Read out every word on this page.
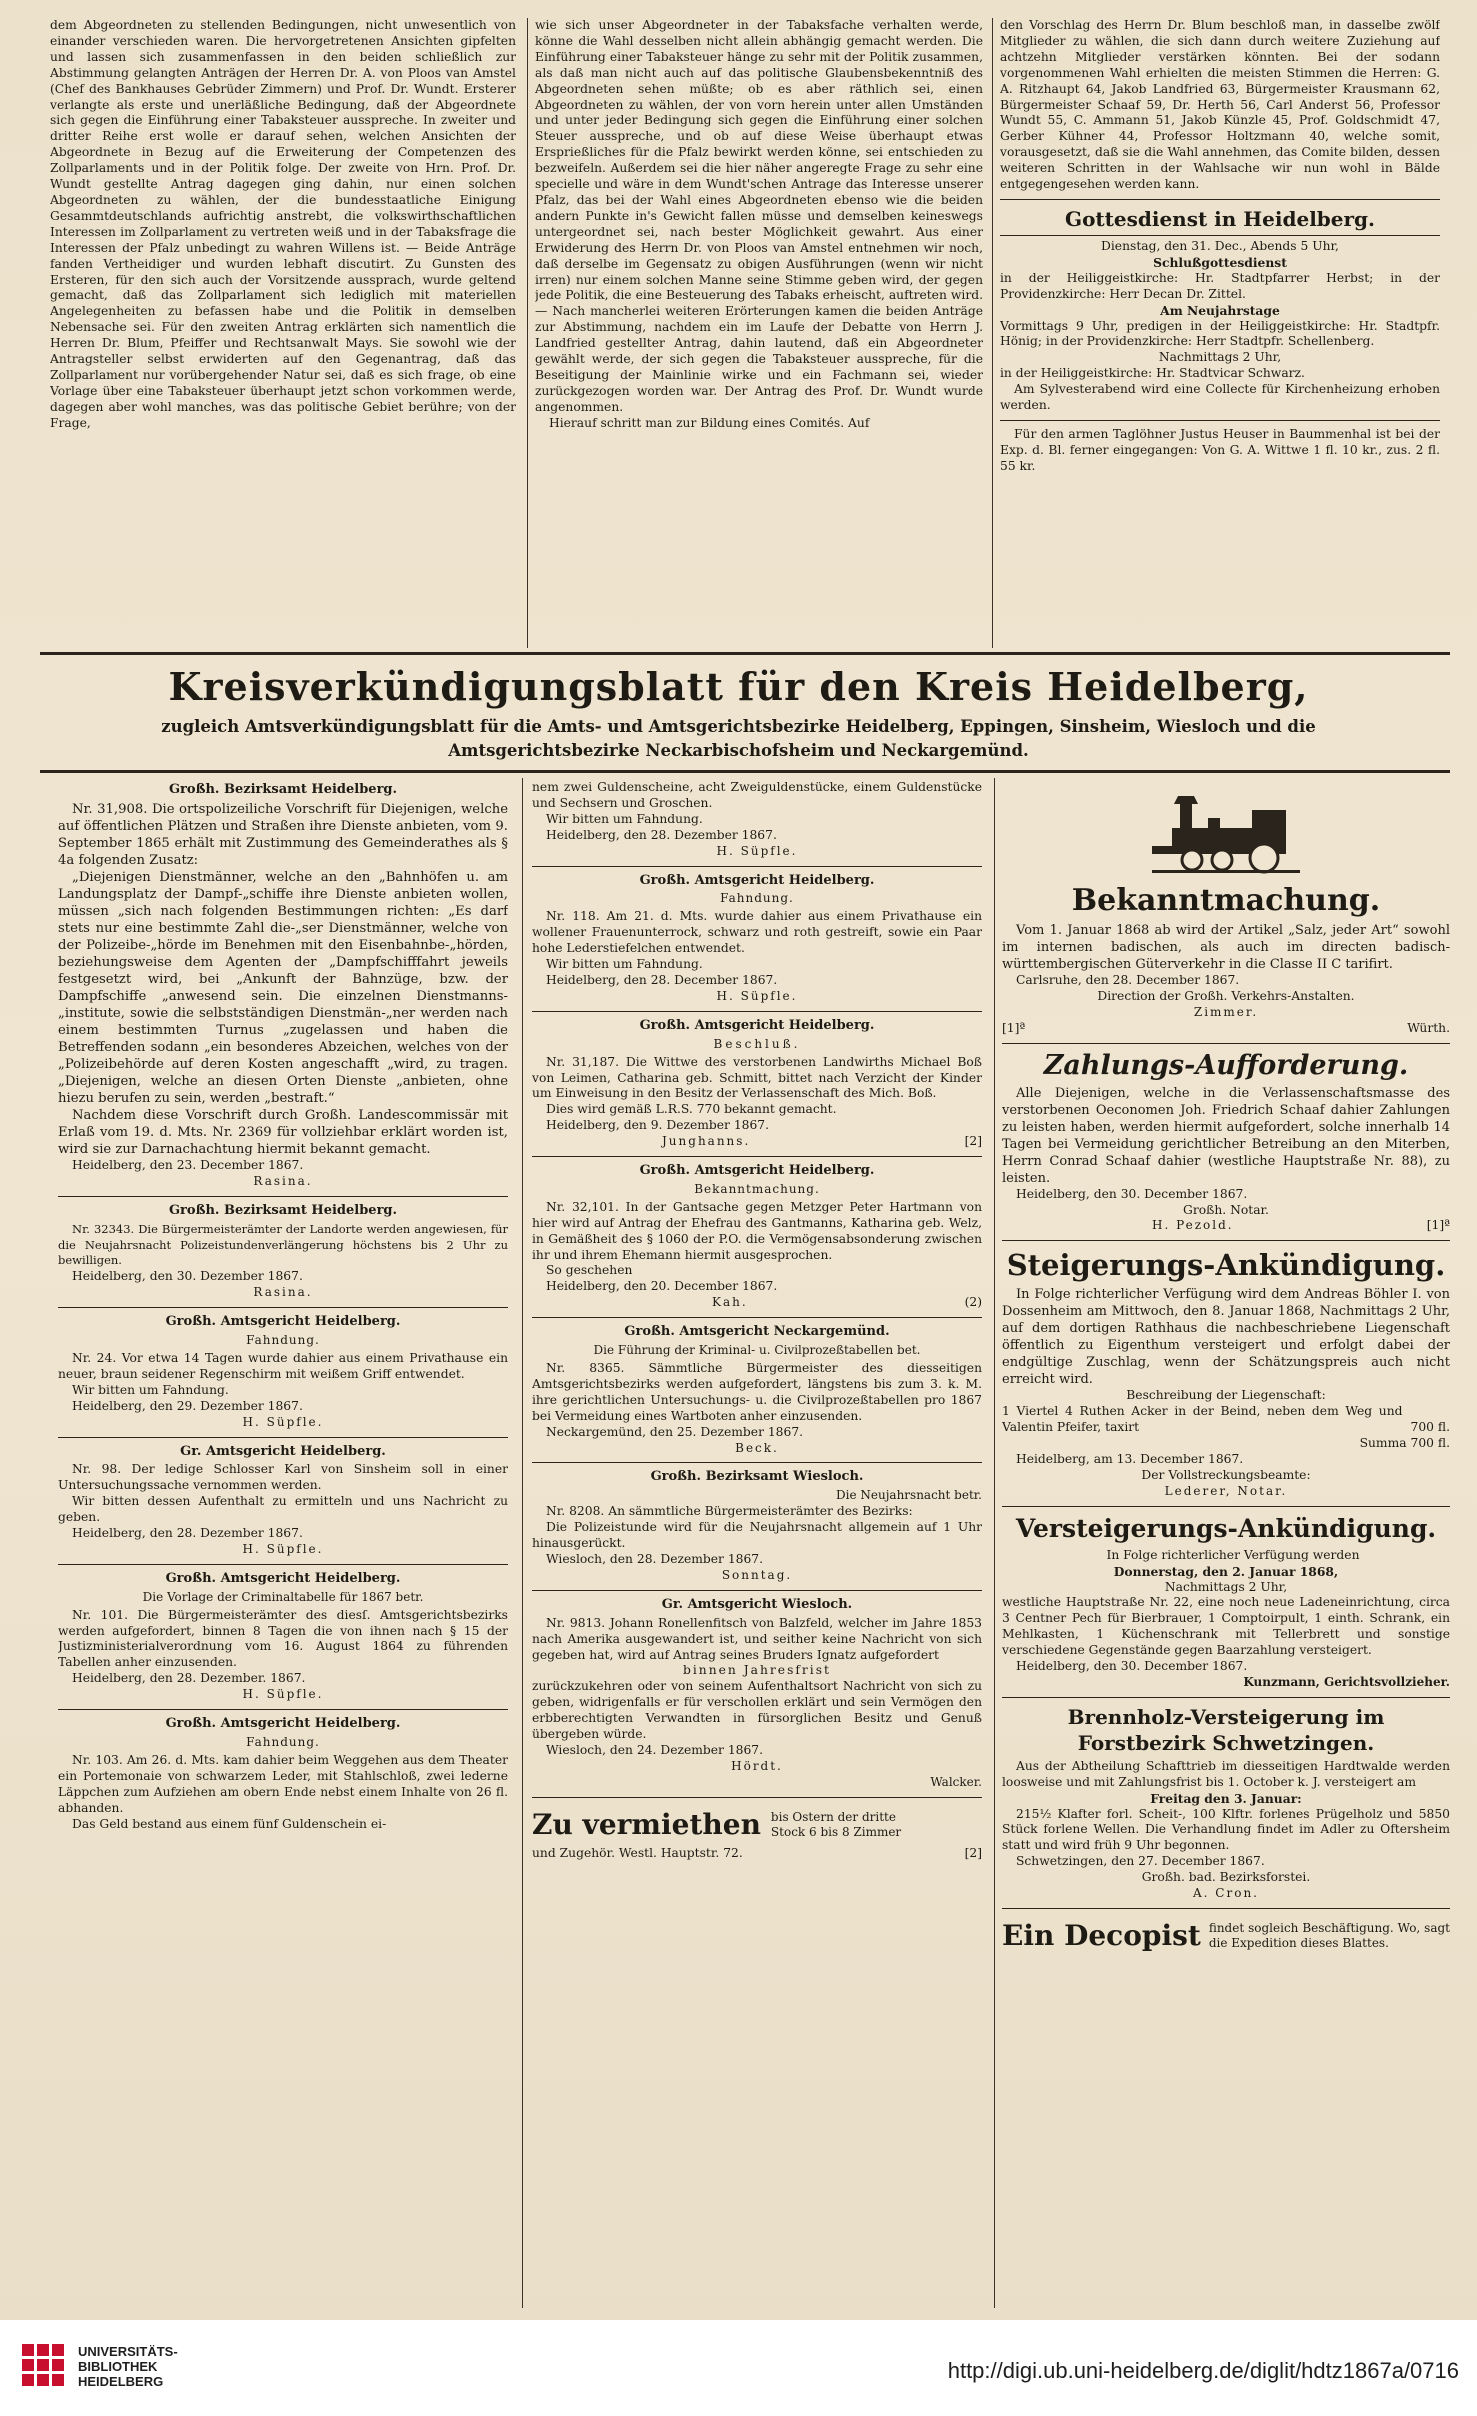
dem Abgeordneten zu stellenden Bedingungen, nicht unwesentlich von einander verschieden waren. Die hervorgetretenen Ansichten gipfelten und lassen sich zusammenfassen in den beiden schließlich zur Abstimmung gelangten Anträgen der Herren Dr. A. von Ploos van Amstel (Chef des Bankhauses Gebrüder Zimmern) und Prof. Dr. Wundt. Ersterer verlangte als erste und unerläßliche Bedingung, daß der Abgeordnete sich gegen die Einführung einer Tabaksteuer ausspreche. In zweiter und dritter Reihe erst wolle er darauf sehen, welchen Ansichten der Abgeordnete in Bezug auf die Erweiterung der Competenzen des Zollparlaments und in der Politik folge. Der zweite von Hrn. Prof. Dr. Wundt gestellte Antrag dagegen ging dahin, nur einen solchen Abgeordneten zu wählen, der die bundesstaatliche Einigung Gesammtdeutschlands aufrichtig anstrebt, die volkswirthschaftlichen Interessen im Zollparlament zu vertreten weiß und in der Tabaksfrage die Interessen der Pfalz unbedingt zu wahren Willens ist. — Beide Anträge fanden Vertheidiger und wurden lebhaft discutirt. Zu Gunsten des Ersteren, für den sich auch der Vorsitzende aussprach, wurde geltend gemacht, daß das Zollparlament sich lediglich mit materiellen Angelegenheiten zu befassen habe und die Politik in demselben Nebensache sei. Für den zweiten Antrag erklärten sich namentlich die Herren Dr. Blum, Pfeiffer und Rechtsanwalt Mays. Sie sowohl wie der Antragsteller selbst erwiderten auf den Gegenantrag, daß das Zollparlament nur vorübergehender Natur sei, daß es sich frage, ob eine Vorlage über eine Tabaksteuer überhaupt jetzt schon vorkommen werde, dagegen aber wohl manches, was das politische Gebiet berühre; von der Frage,

wie sich unser Abgeordneter in der Tabaksfache verhalten werde, könne die Wahl desselben nicht allein abhängig gemacht werden. Die Einführung einer Tabaksteuer hänge zu sehr mit der Politik zusammen, als daß man nicht auch auf das politische Glaubensbekenntniß des Abgeordneten sehen müßte; ob es aber räthlich sei, einen Abgeordneten zu wählen, der von vorn herein unter allen Umständen und unter jeder Bedingung sich gegen die Einführung einer solchen Steuer ausspreche, und ob auf diese Weise überhaupt etwas Ersprießliches für die Pfalz bewirkt werden könne, sei entschieden zu bezweifeln. Außerdem sei die hier näher angeregte Frage zu sehr eine specielle und wäre in dem Wundt'schen Antrage das Interesse unserer Pfalz, das bei der Wahl eines Abgeordneten ebenso wie die beiden andern Punkte in's Gewicht fallen müsse und demselben keineswegs untergeordnet sei, nach bester Möglichkeit gewahrt. Aus einer Erwiderung des Herrn Dr. von Ploos van Amstel entnehmen wir noch, daß derselbe im Gegensatz zu obigen Ausführungen (wenn wir nicht irren) nur einem solchen Manne seine Stimme geben wird, der gegen jede Politik, die eine Besteuerung des Tabaks erheischt, auftreten wird. — Nach mancherlei weiteren Erörterungen kamen die beiden Anträge zur Abstimmung, nachdem ein im Laufe der Debatte von Herrn J. Landfried gestellter Antrag, dahin lautend, daß ein Abgeordneter gewählt werde, der sich gegen die Tabaksteuer ausspreche, für die Beseitigung der Mainlinie wirke und ein Fachmann sei, wieder zurückgezogen worden war. Der Antrag des Prof. Dr. Wundt wurde angenommen.

Hierauf schritt man zur Bildung eines Comités. Auf

den Vorschlag des Herrn Dr. Blum beschloß man, in dasselbe zwölf Mitglieder zu wählen, die sich dann durch weitere Zuziehung auf achtzehn Mitglieder verstärken könnten. Bei der sodann vorgenommenen Wahl erhielten die meisten Stimmen die Herren: G. A. Ritzhaupt 64, Jakob Landfried 63, Bürgermeister Krausmann 62, Bürgermeister Schaaf 59, Dr. Herth 56, Carl Anderst 56, Professor Wundt 55, C. Ammann 51, Jakob Künzle 45, Prof. Goldschmidt 47, Gerber Kühner 44, Professor Holtzmann 40, welche somit, vorausgesetzt, daß sie die Wahl annehmen, das Comite bilden, dessen weiteren Schritten in der Wahlsache wir nun wohl in Bälde entgegengesehen werden kann.

Gottesdienst in Heidelberg.
Dienstag, den 31. Dec., Abends 5 Uhr,
Schlußgottesdienst
in der Heiliggeistkirche: Hr. Stadtpfarrer Herbst; in der Providenzkirche: Herr Decan Dr. Zittel.
Am Neujahrstage
Vormittags 9 Uhr, predigen in der Heiliggeistkirche: Hr. Stadtpfr. Hönig; in der Providenzkirche: Herr Stadtpfr. Schellenberg.
Nachmittags 2 Uhr,
in der Heiliggeistkirche: Hr. Stadtvicar Schwarz.
Am Sylvesterabend wird eine Collecte für Kirchenheizung erhoben werden.

Für den armen Taglöhner Justus Heuser in Baummenhal ist bei der Exp. d. Bl. ferner eingegangen: Von G. A. Wittwe 1 fl. 10 kr., zus. 2 fl. 55 kr.

Kreisverkündigungsblatt für den Kreis Heidelberg,
zugleich Amtsverkündigungsblatt für die Amts- und Amtsgerichtsbezirke Heidelberg, Eppingen, Sinsheim, Wiesloch und die
Amtsgerichtsbezirke Neckarbischofsheim und Neckargemünd.
Großh. Bezirksamt Heidelberg.

Nr. 31,908. Die ortspolizeiliche Vorschrift für Diejenigen, welche auf öffentlichen Plätzen und Straßen ihre Dienste anbieten, vom 9. September 1865 erhält mit Zustimmung des Gemeinderathes als § 4a folgenden Zusatz:

„Diejenigen Dienstmänner, welche an den „Bahnhöfen u. am Landungsplatz der Dampf-„schiffe ihre Dienste anbieten wollen, müssen „sich nach folgenden Bestimmungen richten: „Es darf stets nur eine bestimmte Zahl die-„ser Dienstmänner, welche von der Polizeibe-„hörde im Benehmen mit den Eisenbahnbe-„hörden, beziehungsweise dem Agenten der „Dampfschifffahrt jeweils festgesetzt wird, bei „Ankunft der Bahnzüge, bzw. der Dampfschiffe „anwesend sein. Die einzelnen Dienstmanns-„institute, sowie die selbstständigen Dienstmän-„ner werden nach einem bestimmten Turnus „zugelassen und haben die Betreffenden sodann „ein besonderes Abzeichen, welches von der „Polizeibehörde auf deren Kosten angeschafft „wird, zu tragen. „Diejenigen, welche an diesen Orten Dienste „anbieten, ohne hiezu berufen zu sein, werden „bestraft.“

Nachdem diese Vorschrift durch Großh. Landescommissär mit Erlaß vom 19. d. Mts. Nr. 2369 für vollziehbar erklärt worden ist, wird sie zur Darnachachtung hiermit bekannt gemacht.

Heidelberg, den 23. December 1867.

Rasina.
Großh. Bezirksamt Heidelberg.

Nr. 32343. Die Bürgermeisterämter der Landorte werden angewiesen, für die Neujahrsnacht Polizeistundenverlängerung höchstens bis 2 Uhr zu bewilligen.

Heidelberg, den 30. Dezember 1867.

Rasina.
Großh. Amtsgericht Heidelberg.
Fahndung.

Nr. 24. Vor etwa 14 Tagen wurde dahier aus einem Privathause ein neuer, braun seidener Regenschirm mit weißem Griff entwendet.

Wir bitten um Fahndung.

Heidelberg, den 29. Dezember 1867.

H. Süpfle.
Gr. Amtsgericht Heidelberg.

Nr. 98. Der ledige Schlosser Karl von Sinsheim soll in einer Untersuchungssache vernommen werden.

Wir bitten dessen Aufenthalt zu ermitteln und uns Nachricht zu geben.

Heidelberg, den 28. Dezember 1867.

H. Süpfle.
Großh. Amtsgericht Heidelberg.
Die Vorlage der Criminaltabelle für 1867 betr.

Nr. 101. Die Bürgermeisterämter des diesſ. Amtsgerichtsbezirks werden aufgefordert, binnen 8 Tagen die von ihnen nach § 15 der Justizministerialverordnung vom 16. August 1864 zu führenden Tabellen anher einzusenden.

Heidelberg, den 28. Dezember. 1867.

H. Süpfle.
Großh. Amtsgericht Heidelberg.
Fahndung.

Nr. 103. Am 26. d. Mts. kam dahier beim Weggehen aus dem Theater ein Portemonaie von schwarzem Leder, mit Stahlschloß, zwei lederne Läppchen zum Aufziehen am obern Ende nebst einem Inhalte von 26 fl. abhanden.

Das Geld bestand aus einem fünf Guldenschein ei-

nem zwei Guldenscheine, acht Zweiguldenstücke, einem Guldenstücke und Sechsern und Groschen.

Wir bitten um Fahndung.

Heidelberg, den 28. Dezember 1867.

H. Süpfle.
Großh. Amtsgericht Heidelberg.
Fahndung.

Nr. 118. Am 21. d. Mts. wurde dahier aus einem Privathause ein wollener Frauenunterrock, schwarz und roth gestreift, sowie ein Paar hohe Lederstiefelchen entwendet.

Wir bitten um Fahndung.

Heidelberg, den 28. December 1867.

H. Süpfle.
Großh. Amtsgericht Heidelberg.
Beschluß.

Nr. 31,187. Die Wittwe des verstorbenen Landwirths Michael Boß von Leimen, Catharina geb. Schmitt, bittet nach Verzicht der Kinder um Einweisung in den Besitz der Verlassenschaft des Mich. Boß.

Dies wird gemäß L.R.S. 770 bekannt gemacht.

Heidelberg, den 9. Dezember 1867.

Junghanns.	[2]
Großh. Amtsgericht Heidelberg.
Bekanntmachung.

Nr. 32,101. In der Gantsache gegen Metzger Peter Hartmann von hier wird auf Antrag der Ehefrau des Gantmanns, Katharina geb. Welz, in Gemäßheit des § 1060 der P.O. die Vermögensabsonderung zwischen ihr und ihrem Ehemann hiermit ausgesprochen.

So geschehen

Heidelberg, den 20. December 1867.

Kah.	(2)
Großh. Amtsgericht Neckargemünd.
Die Führung der Kriminal- u. Civilprozeßtabellen bet.

Nr. 8365. Sämmtliche Bürgermeister des diesseitigen Amtsgerichtsbezirks werden aufgefordert, längstens bis zum 3. k. M. ihre gerichtlichen Untersuchungs- u. die Civilprozeßtabellen pro 1867 bei Vermeidung eines Wartboten anher einzusenden.

Neckargemünd, den 25. Dezember 1867.

Beck.
Großh. Bezirksamt Wiesloch.
Die Neujahrsnacht betr.

Nr. 8208. An sämmtliche Bürgermeisterämter des Bezirks:

Die Polizeistunde wird für die Neujahrsnacht allgemein auf 1 Uhr hinausgerückt.

Wiesloch, den 28. Dezember 1867.

Sonntag.
Gr. Amtsgericht Wiesloch.

Nr. 9813. Johann Ronellenfitsch von Balzfeld, welcher im Jahre 1853 nach Amerika ausgewandert ist, und seither keine Nachricht von sich gegeben hat, wird auf Antrag seines Bruders Ignatz aufgefordert

binnen Jahresfrist

zurückzukehren oder von seinem Aufenthaltsort Nachricht von sich zu geben, widrigenfalls er für verschollen erklärt und sein Vermögen den erbberechtigten Verwandten in fürsorglichen Besitz und Genuß übergeben würde.

Wiesloch, den 24. Dezember 1867.

Hördt.
Walcker.
Zu vermiethen bis Ostern der dritte
Stock 6 bis 8 Zimmer
und Zugehör. Westl. Hauptstr. 72.	[2]
Bekanntmachung.

Vom 1. Januar 1868 ab wird der Artikel „Salz, jeder Art“ sowohl im internen badischen, als auch im directen badisch-württembergischen Güterverkehr in die Classe II C tarifirt.

Carlsruhe, den 28. December 1867.

Direction der Großh. Verkehrs-Anstalten.
Zimmer.
[1]ª	Würth.
Zahlungs-Aufforderung.

Alle Diejenigen, welche in die Verlassenschaftsmasse des verstorbenen Oeconomen Joh. Friedrich Schaaf dahier Zahlungen zu leisten haben, werden hiermit aufgefordert, solche innerhalb 14 Tagen bei Vermeidung gerichtlicher Betreibung an den Miterben, Herrn Conrad Schaaf dahier (westliche Hauptstraße Nr. 88), zu leisten.

Heidelberg, den 30. December 1867.

Großh. Notar.
H. Pezold.	[1]ª
Steigerungs-Ankündigung.

In Folge richterlicher Verfügung wird dem Andreas Böhler I. von Dossenheim am Mittwoch, den 8. Januar 1868, Nachmittags 2 Uhr, auf dem dortigen Rathhaus die nachbeschriebene Liegenschaft öffentlich zu Eigenthum versteigert und erfolgt dabei der endgültige Zuschlag, wenn der Schätzungspreis auch nicht erreicht wird.

Beschreibung der Liegenschaft:
1 Viertel 4 Ruthen Acker in der Beind, neben dem Weg und Valentin Pfeifer, taxirt	700 fl.
Summa 700 fl.

Heidelberg, am 13. December 1867.

Der Vollstreckungsbeamte:
Lederer, Notar.
Versteigerungs-Ankündigung.

In Folge richterlicher Verfügung werden

Donnerstag, den 2. Januar 1868,
Nachmittags 2 Uhr,

westliche Hauptstraße Nr. 22, eine noch neue Ladeneinrichtung, circa 3 Centner Pech für Bierbrauer, 1 Comptoirpult, 1 einth. Schrank, ein Mehlkasten, 1 Küchenschrank mit Tellerbrett und sonstige verschiedene Gegenstände gegen Baarzahlung versteigert.

Heidelberg, den 30. December 1867.

Kunzmann, Gerichtsvollzieher.
Brennholz-Versteigerung im Forstbezirk Schwetzingen.

Aus der Abtheilung Schafttrieb im diesseitigen Hardtwalde werden loosweise und mit Zahlungsfrist bis 1. October k. J. versteigert am

Freitag den 3. Januar:

215½ Klafter forl. Scheit-, 100 Klftr. forlenes Prügelholz und 5850 Stück forlene Wellen. Die Verhandlung findet im Adler zu Oftersheim statt und wird früh 9 Uhr begonnen.

Schwetzingen, den 27. December 1867.

Großh. bad. Bezirksforstei.
A. Cron.
Ein Decopist findet sogleich Beschäftigung. Wo, sagt die Expedition dieses Blattes.
UNIVERSITÄTS-
BIBLIOTHEK
HEIDELBERG	http://digi.ub.uni-heidelberg.de/diglit/hdtz1867a/0716
